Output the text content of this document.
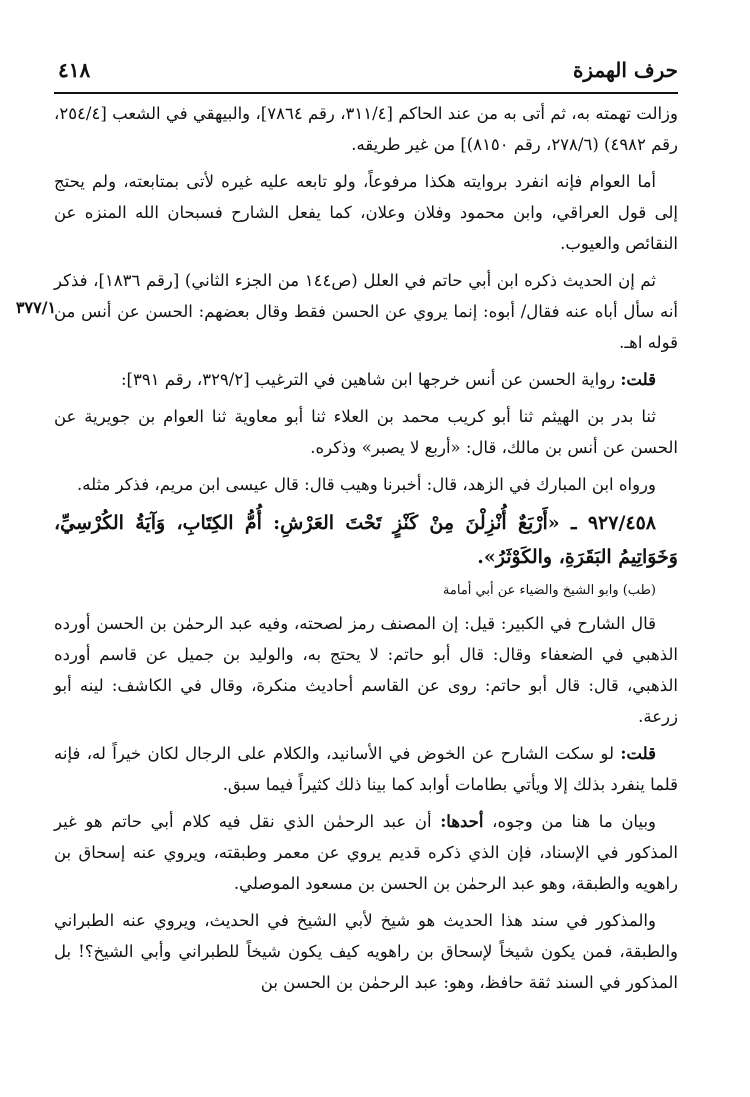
حرف الهمزة
٤١٨
٣٧٧/١

وزالت تهمته به، ثم أتى به من عند الحاكم [٣١١/٤، رقم ٧٨٦٤]، والبيهقي في الشعب [٢٥٤/٤، رقم ٤٩٨٢) (٢٧٨/٦، رقم ٨١٥٠)] من غير طريقه.

أما العوام فإنه انفرد بروايته هكذا مرفوعاً، ولو تابعه عليه غيره لأتى بمتابعته، ولم يحتج إلى قول العراقي، وابن محمود وفلان وعلان، كما يفعل الشارح فسبحان الله المنزه عن النقائص والعيوب.

ثم إن الحديث ذكره ابن أبي حاتم في العلل (ص١٤٤ من الجزء الثاني) [رقم ١٨٣٦]، فذكر أنه سأل أباه عنه فقال/ أبوه: إنما يروي عن الحسن فقط وقال بعضهم: الحسن عن أنس من قوله اهـ.

قلت: رواية الحسن عن أنس خرجها ابن شاهين في الترغيب [٣٢٩/٢، رقم ٣٩١]:

ثنا بدر بن الهيثم ثنا أبو كريب محمد بن العلاء ثنا أبو معاوية ثنا العوام بن جويرية عن الحسن عن أنس بن مالك، قال: «أربع لا يصبر» وذكره.

ورواه ابن المبارك في الزهد، قال: أخبرنا وهيب قال: قال عيسى ابن مريم، فذكر مثله.

٩٢٧/٤٥٨ ـ «أَرْبَعٌ أُنْزِلْنَ مِنْ كَنْزٍ تَحْتَ العَرْشِ: أُمُّ الكِتَابِ، وَآيَةُ الكُرْسِيِّ، وَخَوَاتِيمُ البَقَرَةِ، والكَوْثَرُ».

(طب) وابو الشيخ والضياء عن أبي أمامة

قال الشارح في الكبير: قيل: إن المصنف رمز لصحته، وفيه عبد الرحمٰن بن الحسن أورده الذهبي في الضعفاء وقال: قال أبو حاتم: لا يحتج به، والوليد بن جميل عن قاسم أورده الذهبي، قال: قال أبو حاتم: روى عن القاسم أحاديث منكرة، وقال في الكاشف: لينه أبو زرعة.

قلت: لو سكت الشارح عن الخوض في الأسانيد، والكلام على الرجال لكان خيراً له، فإنه قلما ينفرد بذلك إلا ويأتي بطامات أوابد كما بينا ذلك كثيراً فيما سبق.

وبيان ما هنا من وجوه، أحدها: أن عبد الرحمٰن الذي نقل فيه كلام أبي حاتم هو غير المذكور في الإسناد، فإن الذي ذكره قديم يروي عن معمر وطبقته، ويروي عنه إسحاق بن راهويه والطبقة، وهو عبد الرحمٰن بن الحسن بن مسعود الموصلي.

والمذكور في سند هذا الحديث هو شيخ لأبي الشيخ في الحديث، ويروي عنه الطبراني والطبقة، فمن يكون شيخاً لإسحاق بن راهويه كيف يكون شيخاً للطبراني وأبي الشيخ؟! بل المذكور في السند ثقة حافظ، وهو: عبد الرحمٰن بن الحسن بن
